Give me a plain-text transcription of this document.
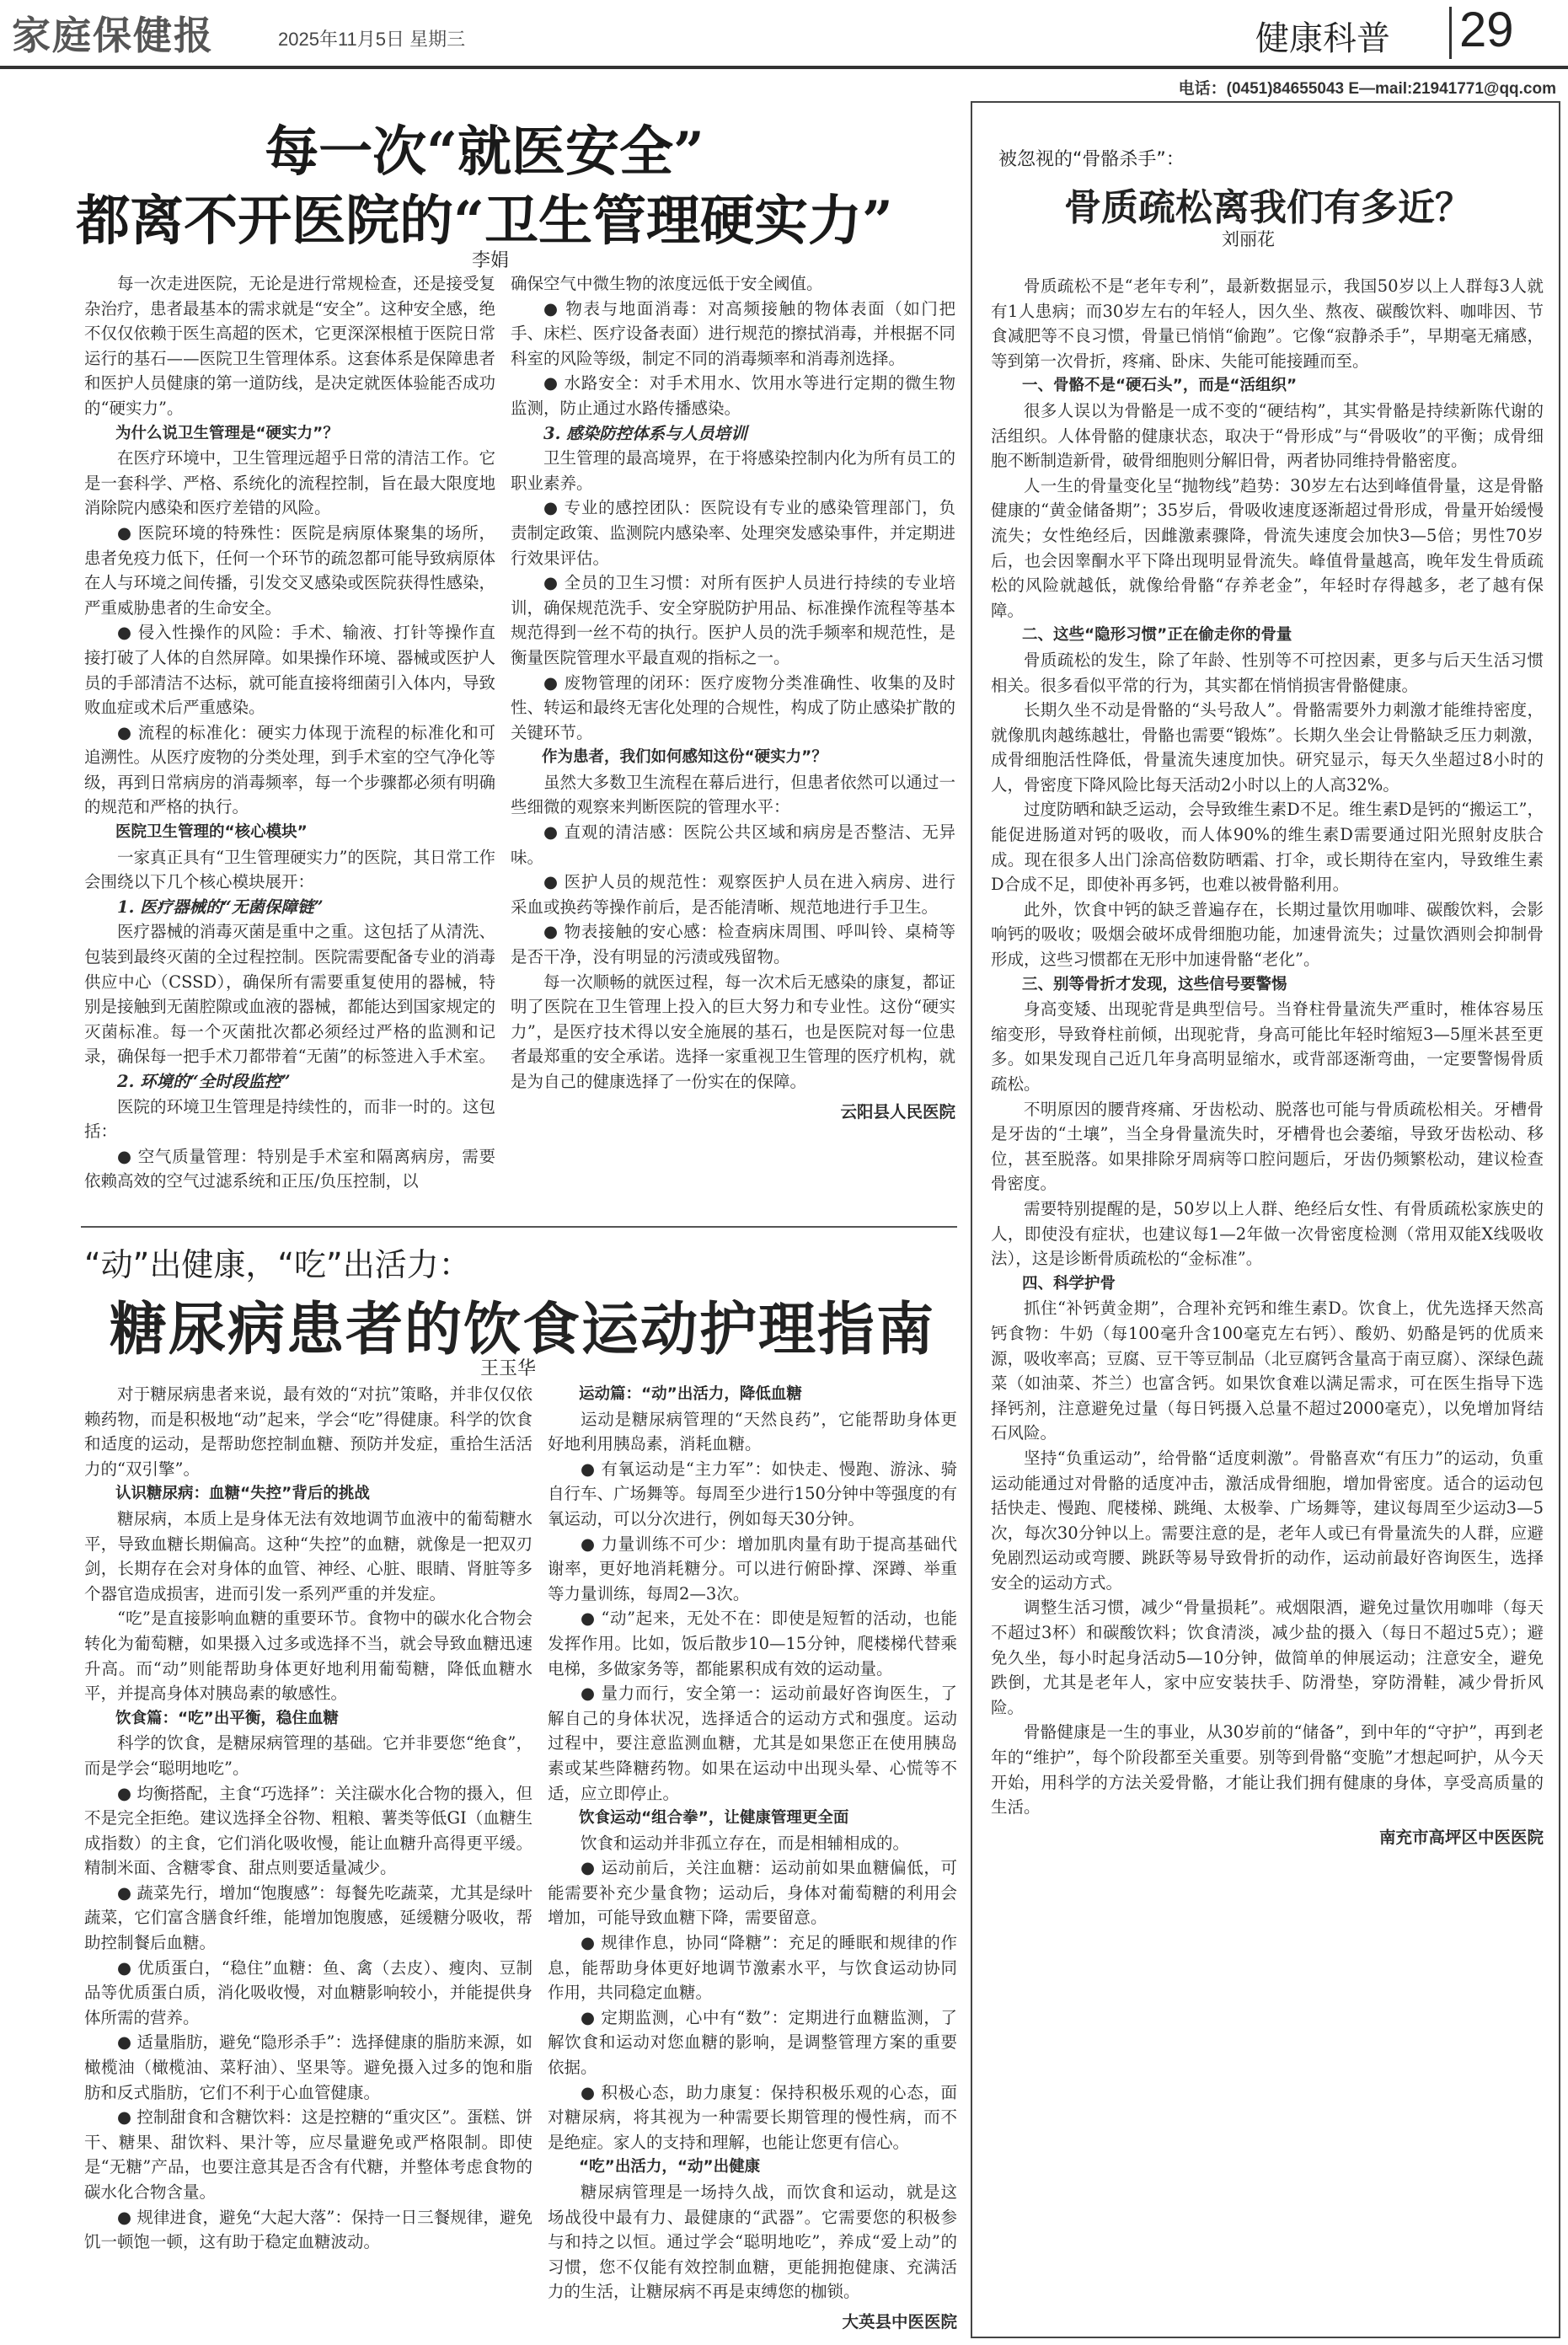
家庭保健报	2025年11月5日 星期三	健康科普 29
电话：(0451)84655043 E—mail:21941771@qq.com
每一次“就医安全”
都离不开医院的“卫生管理硬实力”
李娟

每一次走进医院，无论是进行常规检查，还是接受复杂治疗，患者最基本的需求就是“安全”。这种安全感，绝不仅仅依赖于医生高超的医术，它更深深根植于医院日常运行的基石——医院卫生管理体系。这套体系是保障患者和医护人员健康的第一道防线，是决定就医体验能否成功的“硬实力”。

为什么说卫生管理是“硬实力”？

在医疗环境中，卫生管理远超乎日常的清洁工作。它是一套科学、严格、系统化的流程控制，旨在最大限度地消除院内感染和医疗差错的风险。

● 医院环境的特殊性：医院是病原体聚集的场所，患者免疫力低下，任何一个环节的疏忽都可能导致病原体在人与环境之间传播，引发交叉感染或医院获得性感染，严重威胁患者的生命安全。

● 侵入性操作的风险：手术、输液、打针等操作直接打破了人体的自然屏障。如果操作环境、器械或医护人员的手部清洁不达标，就可能直接将细菌引入体内，导致败血症或术后严重感染。

● 流程的标准化：硬实力体现于流程的标准化和可追溯性。从医疗废物的分类处理，到手术室的空气净化等级，再到日常病房的消毒频率，每一个步骤都必须有明确的规范和严格的执行。

医院卫生管理的“核心模块”

一家真正具有“卫生管理硬实力”的医院，其日常工作会围绕以下几个核心模块展开：

1. 医疗器械的“无菌保障链”

医疗器械的消毒灭菌是重中之重。这包括了从清洗、包装到最终灭菌的全过程控制。医院需要配备专业的消毒供应中心（CSSD），确保所有需要重复使用的器械，特别是接触到无菌腔隙或血液的器械，都能达到国家规定的灭菌标准。每一个灭菌批次都必须经过严格的监测和记录，确保每一把手术刀都带着“无菌”的标签进入手术室。

2. 环境的“全时段监控”

医院的环境卫生管理是持续性的，而非一时的。这包括：

● 空气质量管理：特别是手术室和隔离病房，需要依赖高效的空气过滤系统和正压/负压控制，以

确保空气中微生物的浓度远低于安全阈值。

● 物表与地面消毒：对高频接触的物体表面（如门把手、床栏、医疗设备表面）进行规范的擦拭消毒，并根据不同科室的风险等级，制定不同的消毒频率和消毒剂选择。

● 水路安全：对手术用水、饮用水等进行定期的微生物监测，防止通过水路传播感染。

3. 感染防控体系与人员培训

卫生管理的最高境界，在于将感染控制内化为所有员工的职业素养。

● 专业的感控团队：医院设有专业的感染管理部门，负责制定政策、监测院内感染率、处理突发感染事件，并定期进行效果评估。

● 全员的卫生习惯：对所有医护人员进行持续的专业培训，确保规范洗手、安全穿脱防护用品、标准操作流程等基本规范得到一丝不苟的执行。医护人员的洗手频率和规范性，是衡量医院管理水平最直观的指标之一。

● 废物管理的闭环：医疗废物分类准确性、收集的及时性、转运和最终无害化处理的合规性，构成了防止感染扩散的关键环节。

作为患者，我们如何感知这份“硬实力”？

虽然大多数卫生流程在幕后进行，但患者依然可以通过一些细微的观察来判断医院的管理水平：

● 直观的清洁感：医院公共区域和病房是否整洁、无异味。

● 医护人员的规范性：观察医护人员在进入病房、进行采血或换药等操作前后，是否能清晰、规范地进行手卫生。

● 物表接触的安心感：检查病床周围、呼叫铃、桌椅等是否干净，没有明显的污渍或残留物。

每一次顺畅的就医过程，每一次术后无感染的康复，都证明了医院在卫生管理上投入的巨大努力和专业性。这份“硬实力”，是医疗技术得以安全施展的基石，也是医院对每一位患者最郑重的安全承诺。选择一家重视卫生管理的医疗机构，就是为自己的健康选择了一份实在的保障。

云阳县人民医院

“动”出健康，“吃”出活力：
糖尿病患者的饮食运动护理指南
王玉华

对于糖尿病患者来说，最有效的“对抗”策略，并非仅仅依赖药物，而是积极地“动”起来，学会“吃”得健康。科学的饮食和适度的运动，是帮助您控制血糖、预防并发症，重拾生活活力的“双引擎”。

认识糖尿病：血糖“失控”背后的挑战

糖尿病，本质上是身体无法有效地调节血液中的葡萄糖水平，导致血糖长期偏高。这种“失控”的血糖，就像是一把双刃剑，长期存在会对身体的血管、神经、心脏、眼睛、肾脏等多个器官造成损害，进而引发一系列严重的并发症。

“吃”是直接影响血糖的重要环节。食物中的碳水化合物会转化为葡萄糖，如果摄入过多或选择不当，就会导致血糖迅速升高。而“动”则能帮助身体更好地利用葡萄糖，降低血糖水平，并提高身体对胰岛素的敏感性。

饮食篇：“吃”出平衡，稳住血糖

科学的饮食，是糖尿病管理的基础。它并非要您“绝食”，而是学会“聪明地吃”。

● 均衡搭配，主食“巧选择”：关注碳水化合物的摄入，但不是完全拒绝。建议选择全谷物、粗粮、薯类等低GI（血糖生成指数）的主食，它们消化吸收慢，能让血糖升高得更平缓。精制米面、含糖零食、甜点则要适量减少。

● 蔬菜先行，增加“饱腹感”：每餐先吃蔬菜，尤其是绿叶蔬菜，它们富含膳食纤维，能增加饱腹感，延缓糖分吸收，帮助控制餐后血糖。

● 优质蛋白，“稳住”血糖：鱼、禽（去皮）、瘦肉、豆制品等优质蛋白质，消化吸收慢，对血糖影响较小，并能提供身体所需的营养。

● 适量脂肪，避免“隐形杀手”：选择健康的脂肪来源，如橄榄油（橄榄油、菜籽油）、坚果等。避免摄入过多的饱和脂肪和反式脂肪，它们不利于心血管健康。

● 控制甜食和含糖饮料：这是控糖的“重灾区”。蛋糕、饼干、糖果、甜饮料、果汁等，应尽量避免或严格限制。即使是“无糖”产品，也要注意其是否含有代糖，并整体考虑食物的碳水化合物含量。

● 规律进食，避免“大起大落”：保持一日三餐规律，避免饥一顿饱一顿，这有助于稳定血糖波动。

运动篇：“动”出活力，降低血糖

运动是糖尿病管理的“天然良药”，它能帮助身体更好地利用胰岛素，消耗血糖。

● 有氧运动是“主力军”：如快走、慢跑、游泳、骑自行车、广场舞等。每周至少进行150分钟中等强度的有氧运动，可以分次进行，例如每天30分钟。

● 力量训练不可少：增加肌肉量有助于提高基础代谢率，更好地消耗糖分。可以进行俯卧撑、深蹲、举重等力量训练，每周2—3次。

● “动”起来，无处不在：即使是短暂的活动，也能发挥作用。比如，饭后散步10—15分钟，爬楼梯代替乘电梯，多做家务等，都能累积成有效的运动量。

● 量力而行，安全第一：运动前最好咨询医生，了解自己的身体状况，选择适合的运动方式和强度。运动过程中，要注意监测血糖，尤其是如果您正在使用胰岛素或某些降糖药物。如果在运动中出现头晕、心慌等不适，应立即停止。

饮食运动“组合拳”，让健康管理更全面

饮食和运动并非孤立存在，而是相辅相成的。

● 运动前后，关注血糖：运动前如果血糖偏低，可能需要补充少量食物；运动后，身体对葡萄糖的利用会增加，可能导致血糖下降，需要留意。

● 规律作息，协同“降糖”：充足的睡眠和规律的作息，能帮助身体更好地调节激素水平，与饮食运动协同作用，共同稳定血糖。

● 定期监测，心中有“数”：定期进行血糖监测，了解饮食和运动对您血糖的影响，是调整管理方案的重要依据。

● 积极心态，助力康复：保持积极乐观的心态，面对糖尿病，将其视为一种需要长期管理的慢性病，而不是绝症。家人的支持和理解，也能让您更有信心。

“吃”出活力，“动”出健康

糖尿病管理是一场持久战，而饮食和运动，就是这场战役中最有力、最健康的“武器”。它需要您的积极参与和持之以恒。通过学会“聪明地吃”，养成“爱上动”的习惯，您不仅能有效控制血糖，更能拥抱健康、充满活力的生活，让糖尿病不再是束缚您的枷锁。

大英县中医医院

被忽视的“骨骼杀手”：
骨质疏松离我们有多近？
刘丽花

骨质疏松不是“老年专利”，最新数据显示，我国50岁以上人群每3人就有1人患病；而30岁左右的年轻人，因久坐、熬夜、碳酸饮料、咖啡因、节食减肥等不良习惯，骨量已悄悄“偷跑”。它像“寂静杀手”，早期毫无痛感，等到第一次骨折，疼痛、卧床、失能可能接踵而至。

一、骨骼不是“硬石头”，而是“活组织”

很多人误以为骨骼是一成不变的“硬结构”，其实骨骼是持续新陈代谢的活组织。人体骨骼的健康状态，取决于“骨形成”与“骨吸收”的平衡；成骨细胞不断制造新骨，破骨细胞则分解旧骨，两者协同维持骨骼密度。

人一生的骨量变化呈“抛物线”趋势：30岁左右达到峰值骨量，这是骨骼健康的“黄金储备期”；35岁后，骨吸收速度逐渐超过骨形成，骨量开始缓慢流失；女性绝经后，因雌激素骤降，骨流失速度会加快3—5倍；男性70岁后，也会因睾酮水平下降出现明显骨流失。峰值骨量越高，晚年发生骨质疏松的风险就越低，就像给骨骼“存养老金”，年轻时存得越多，老了越有保障。

二、这些“隐形习惯”正在偷走你的骨量

骨质疏松的发生，除了年龄、性别等不可控因素，更多与后天生活习惯相关。很多看似平常的行为，其实都在悄悄损害骨骼健康。

长期久坐不动是骨骼的“头号敌人”。骨骼需要外力刺激才能维持密度，就像肌肉越练越壮，骨骼也需要“锻炼”。长期久坐会让骨骼缺乏压力刺激，成骨细胞活性降低，骨量流失速度加快。研究显示，每天久坐超过8小时的人，骨密度下降风险比每天活动2小时以上的人高32%。

过度防晒和缺乏运动，会导致维生素D不足。维生素D是钙的“搬运工”，能促进肠道对钙的吸收，而人体90%的维生素D需要通过阳光照射皮肤合成。现在很多人出门涂高倍数防晒霜、打伞，或长期待在室内，导致维生素D合成不足，即使补再多钙，也难以被骨骼利用。

此外，饮食中钙的缺乏普遍存在，长期过量饮用咖啡、碳酸饮料，会影响钙的吸收；吸烟会破坏成骨细胞功能，加速骨流失；过量饮酒则会抑制骨形成，这些习惯都在无形中加速骨骼“老化”。

三、别等骨折才发现，这些信号要警惕

身高变矮、出现驼背是典型信号。当脊柱骨量流失严重时，椎体容易压缩变形，导致脊柱前倾，出现驼背，身高可能比年轻时缩短3—5厘米甚至更多。如果发现自己近几年身高明显缩水，或背部逐渐弯曲，一定要警惕骨质疏松。

不明原因的腰背疼痛、牙齿松动、脱落也可能与骨质疏松相关。牙槽骨是牙齿的“土壤”，当全身骨量流失时，牙槽骨也会萎缩，导致牙齿松动、移位，甚至脱落。如果排除牙周病等口腔问题后，牙齿仍频繁松动，建议检查骨密度。

需要特别提醒的是，50岁以上人群、绝经后女性、有骨质疏松家族史的人，即使没有症状，也建议每1—2年做一次骨密度检测（常用双能X线吸收法），这是诊断骨质疏松的“金标准”。

四、科学护骨

抓住“补钙黄金期”，合理补充钙和维生素D。饮食上，优先选择天然高钙食物：牛奶（每100毫升含100毫克左右钙）、酸奶、奶酪是钙的优质来源，吸收率高；豆腐、豆干等豆制品（北豆腐钙含量高于南豆腐）、深绿色蔬菜（如油菜、芥兰）也富含钙。如果饮食难以满足需求，可在医生指导下选择钙剂，注意避免过量（每日钙摄入总量不超过2000毫克），以免增加肾结石风险。

坚持“负重运动”，给骨骼“适度刺激”。骨骼喜欢“有压力”的运动，负重运动能通过对骨骼的适度冲击，激活成骨细胞，增加骨密度。适合的运动包括快走、慢跑、爬楼梯、跳绳、太极拳、广场舞等，建议每周至少运动3—5次，每次30分钟以上。需要注意的是，老年人或已有骨量流失的人群，应避免剧烈运动或弯腰、跳跃等易导致骨折的动作，运动前最好咨询医生，选择安全的运动方式。

调整生活习惯，减少“骨量损耗”。戒烟限酒，避免过量饮用咖啡（每天不超过3杯）和碳酸饮料；饮食清淡，减少盐的摄入（每日不超过5克）；避免久坐，每小时起身活动5—10分钟，做简单的伸展运动；注意安全，避免跌倒，尤其是老年人，家中应安装扶手、防滑垫，穿防滑鞋，减少骨折风险。

骨骼健康是一生的事业，从30岁前的“储备”，到中年的“守护”，再到老年的“维护”，每个阶段都至关重要。别等到骨骼“变脆”才想起呵护，从今天开始，用科学的方法关爱骨骼，才能让我们拥有健康的身体，享受高质量的生活。

南充市高坪区中医医院
